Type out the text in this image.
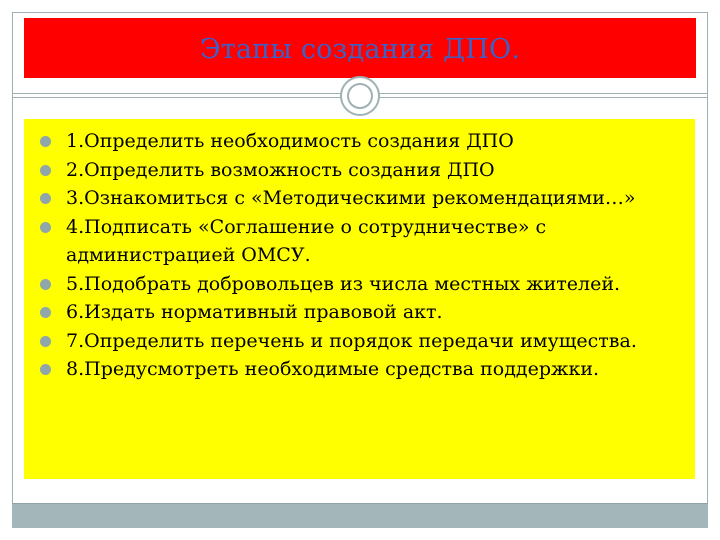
Этапы создания ДПО.
1.Определить необходимость создания ДПО
2.Определить возможность создания ДПО
3.Ознакомиться с «Методическими рекомендациями…»
4.Подписать «Соглашение о сотрудничестве» с администрацией ОМСУ.
5.Подобрать добровольцев из числа местных жителей.
6.Издать нормативный правовой акт.
7.Определить перечень и порядок передачи имущества.
8.Предусмотреть необходимые средства поддержки.
